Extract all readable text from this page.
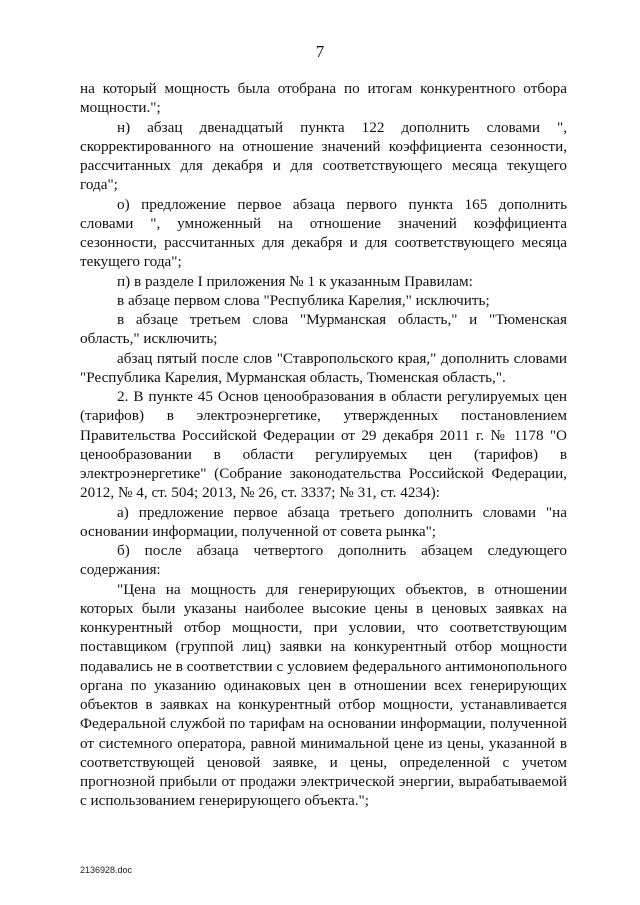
7

на который мощность была отобрана по итогам конкурентного отбора мощности.";

н) абзац двенадцатый пункта 122 дополнить словами ", скорректированного на отношение значений коэффициента сезонности, рассчитанных для декабря и для соответствующего месяца текущего года";

о) предложение первое абзаца первого пункта 165 дополнить словами ", умноженный на отношение значений коэффициента сезонности, рассчитанных для декабря и для соответствующего месяца текущего года";

п) в разделе I приложения № 1 к указанным Правилам:

в абзаце первом слова "Республика Карелия," исключить;

в абзаце третьем слова "Мурманская область," и "Тюменская область," исключить;

абзац пятый после слов "Ставропольского края," дополнить словами "Республика Карелия, Мурманская область, Тюменская область,".

2. В пункте 45 Основ ценообразования в области регулируемых цен (тарифов) в электроэнергетике, утвержденных постановлением Правительства Российской Федерации от 29 декабря 2011 г. № 1178 "О ценообразовании в области регулируемых цен (тарифов) в электроэнергетике" (Собрание законодательства Российской Федерации, 2012, № 4, ст. 504; 2013, № 26, ст. 3337; № 31, ст. 4234):

а) предложение первое абзаца третьего дополнить словами "на основании информации, полученной от совета рынка";

б) после абзаца четвертого дополнить абзацем следующего содержания:

"Цена на мощность для генерирующих объектов, в отношении которых были указаны наиболее высокие цены в ценовых заявках на конкурентный отбор мощности, при условии, что соответствующим поставщиком (группой лиц) заявки на конкурентный отбор мощности подавались не в соответствии с условием федерального антимонопольного органа по указанию одинаковых цен в отношении всех генерирующих объектов в заявках на конкурентный отбор мощности, устанавливается Федеральной службой по тарифам на основании информации, полученной от системного оператора, равной минимальной цене из цены, указанной в соответствующей ценовой заявке, и цены, определенной с учетом прогнозной прибыли от продажи электрической энергии, вырабатываемой с использованием генерирующего объекта.";

2136928.doc
